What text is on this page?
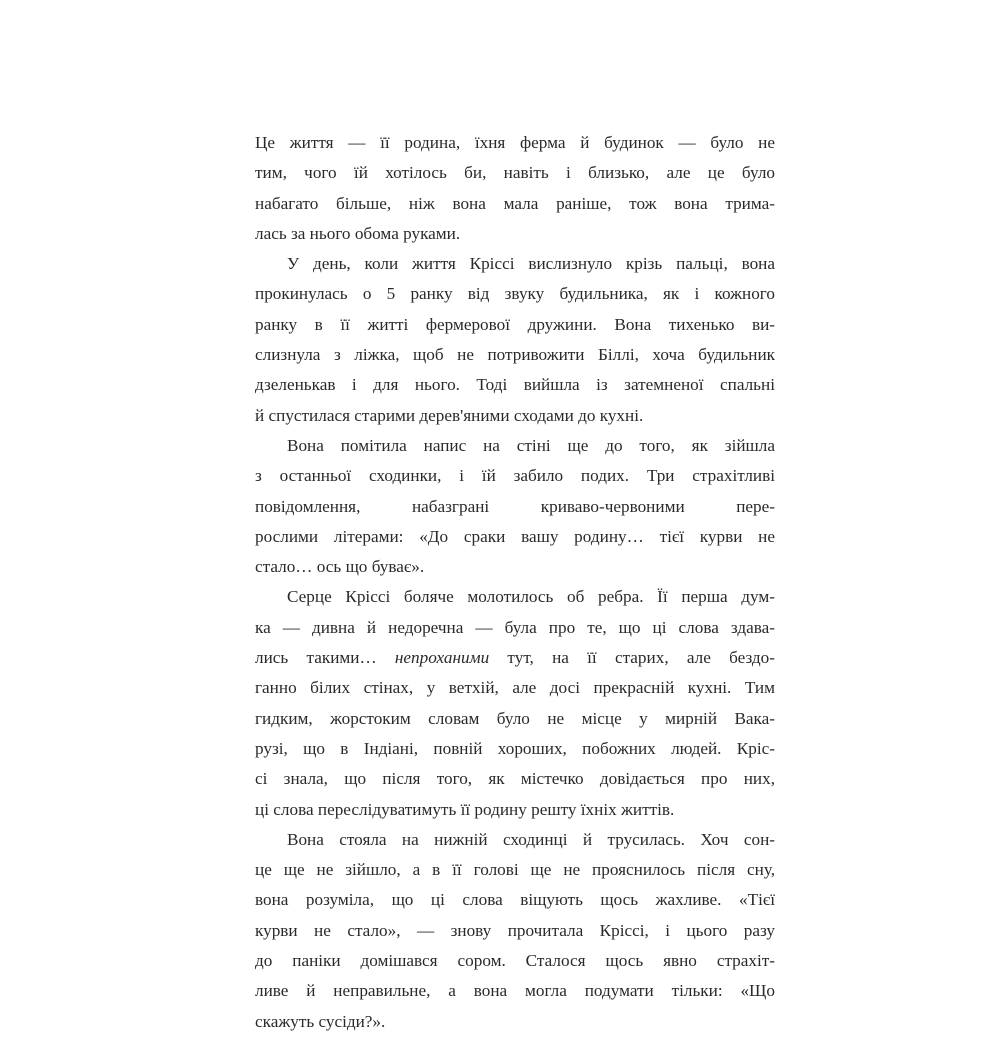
Це життя — її родина, їхня ферма й будинок — було не
тим, чого їй хотілось би, навіть і близько, але це було
набагато більше, ніж вона мала раніше, тож вона трима-
лась за нього обома руками.

У день, коли життя Кріссі вислизнуло крізь пальці, вона
прокинулась о 5 ранку від звуку будильника, як і кожного
ранку в її житті фермерової дружини. Вона тихенько ви-
слизнула з ліжка, щоб не потривожити Біллі, хоча будильник
дзеленькав і для нього. Тоді вийшла із затемненої спальні
й спустилася старими дерев'яними сходами до кухні.

Вона помітила напис на стіні ще до того, як зійшла
з останньої сходинки, і їй забило подих. Три страхітливі
повідомлення, набазграні криваво-червоними пере-
рослими літерами: «До сраки вашу родину… тієї курви не
стало… ось що буває».

Серце Кріссі боляче молотилось об ребра. Її перша дум-
ка — дивна й недоречна — була про те, що ці слова здава-
лись такими… непроханими тут, на її старих, але бездо-
ганно білих стінах, у ветхій, але досі прекрасній кухні. Тим
гидким, жорстоким словам було не місце у мирній Вака-
рузі, що в Індіані, повній хороших, побожних людей. Кріс-
сі знала, що після того, як містечко довідається про них,
ці слова переслідуватимуть її родину решту їхніх життів.

Вона стояла на нижній сходинці й трусилась. Хоч сон-
це ще не зійшло, а в її голові ще не прояснилось після сну,
вона розуміла, що ці слова віщують щось жахливе. «Тієї
курви не стало», — знову прочитала Кріссі, і цього разу
до паніки домішався сором. Сталося щось явно страхіт-
ливе й неправильне, а вона могла подумати тільки: «Що
скажуть сусіди?».
